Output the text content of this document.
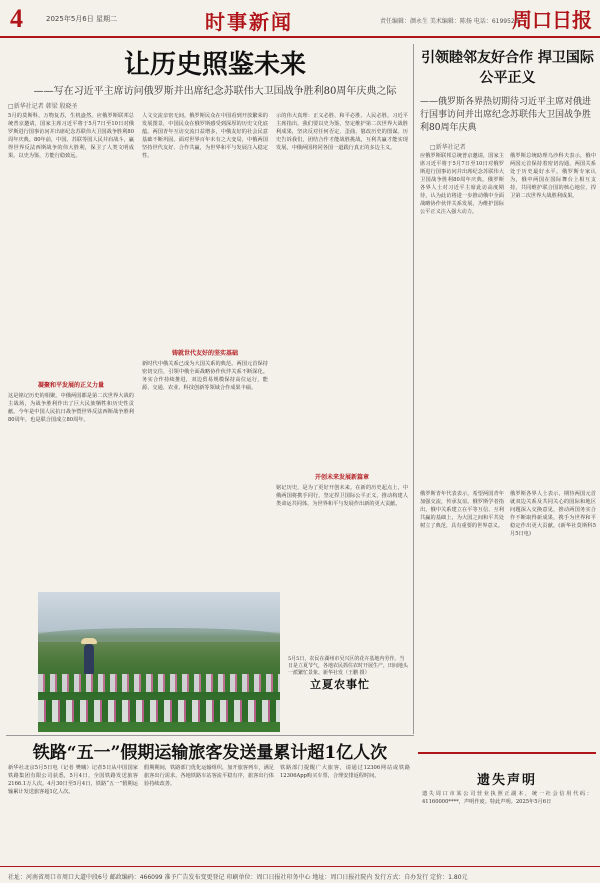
4	2025年5月6日 星期二	时事新闻	责任编辑：颜永生 美术编辑：陈扬 电话：6199523
周口日报
让历史照鉴未来
——写在习近平主席访问俄罗斯并出席纪念苏联伟大卫国战争胜利80周年庆典之际
□新华社记者 韩梁 殷晓圣
5月的莫斯科，万物复苏，生机盎然。应俄罗斯联邦总统普京邀请，国家主席习近平将于5月7日至10日对俄罗斯进行国事访问并出席纪念苏联伟大卫国战争胜利80周年庆典。80年前，中国、苏联等国人民并肩战斗，赢得世界反法西斯战争的伟大胜利，保卫了人类文明成果。以史为鉴，方能行稳致远。
凝聚和平发展的正义力量
这是铭记历史的相聚。中俄两国都是第二次世界大战的主战场，为战争胜利作出了巨大民族牺牲和历史性贡献。今年是中国人民抗日战争暨世界反法西斯战争胜利80周年，也是联合国成立80周年。
人文交流亲密无间。俄罗斯民众在中国看到开放繁荣的发展图景，中国民众在俄罗斯感受到深厚的历史文化底蕴。两国青年互访交流日益增多，中俄友好的社会民意基础不断巩固。面对世界百年未有之大变局，中俄两国坚持世代友好、合作共赢，为世界和平与发展注入稳定性。
铸就世代友好的坚实基础
新时代中俄关系已成为大国关系的典范。两国元首保持密切交往，引领中俄全面战略协作伙伴关系不断深化。务实合作持续推进，双边贸易规模保持高位运行，能源、交通、农业、科技创新等领域合作成果丰硕。
示的伟大真理：正义必胜、和平必胜、人民必胜。习近平主席指出，我们要以史为鉴，坚定维护第二次世界大战胜利成果，坚决反对任何否定、歪曲、篡改历史的图谋。历史告诉我们，团结合作才能战胜挑战，互利共赢才能实现发展，中俄两国将同各国一道践行真正的多边主义。
开创未来发展新篇章
铭记历史，是为了更好开创未来。在新的历史起点上，中俄两国将携手同行，坚定捍卫国际公平正义，推动构建人类命运共同体，为世界和平与发展作出新的更大贡献。
5月5日，农民在湖州市吴兴区的花卉基地内劳作。当日是立夏节气，各地农民抓住农时开展生产，田间地头一派繁忙景象。新华社发（王鹏 摄）
立夏农事忙
铁路“五一”假期运输旅客发送量累计超1亿人次
新华社北京5月5日电（记者 樊曦）记者5日从中国国家铁路集团有限公司获悉，5月4日，全国铁路发送旅客2166.1万人次。4月30日至5月4日，铁路“五一”假期运输累计发送旅客超1亿人次。
假期期间，铁路部门优化运输组织，加开旅客列车，满足旅客出行需求。各地铁路车站客流平稳有序，旅客出行体验持续改善。
铁路部门提醒广大旅客，请通过12306网站或铁路12306App购买车票，合理安排返程时间。
引领睦邻友好合作 捍卫国际公平正义
——俄罗斯各界热切期待习近平主席对俄进行国事访问并出席纪念苏联伟大卫国战争胜利80周年庆典
□新华社记者
应俄罗斯联邦总统普京邀请，国家主席习近平将于5月7日至10日对俄罗斯进行国事访问并出席纪念苏联伟大卫国战争胜利80周年庆典。俄罗斯各界人士对习近平主席此访高度期待，认为此访将进一步推动俄中全面战略协作伙伴关系发展，为维护国际公平正义注入强大动力。
俄罗斯总统助理乌沙科夫表示，俄中两国元首保持着密切沟通，两国关系处于历史最好水平。俄罗斯专家认为，俄中两国在国际舞台上相互支持，共同维护联合国的核心地位，捍卫第二次世界大战胜利成果。
俄罗斯青年代表表示，希望两国青年加强交流，传承友谊。俄罗斯学者指出，俄中关系建立在平等互信、互利共赢的基础上，为大国之间和平共处树立了典范，具有重要的世界意义。
俄罗斯各界人士表示，期待两国元首就双边关系及共同关心的国际和地区问题深入交换意见，推动两国务实合作不断取得新成果，携手为世界和平稳定作出更大贡献。(新华社莫斯科5月5日电)
遗失声明
遗失周口市某公司营业执照正副本，统一社会信用代码：41160000****，声明作废。特此声明。2025年5月6日
社址：河南省周口市周口大道中段6号 邮政编码：466099 准予广告发布变更登记 印刷单位：周口日报社印务中心 地址：周口日报社院内 发行方式：自办发行 定价：1.80元
